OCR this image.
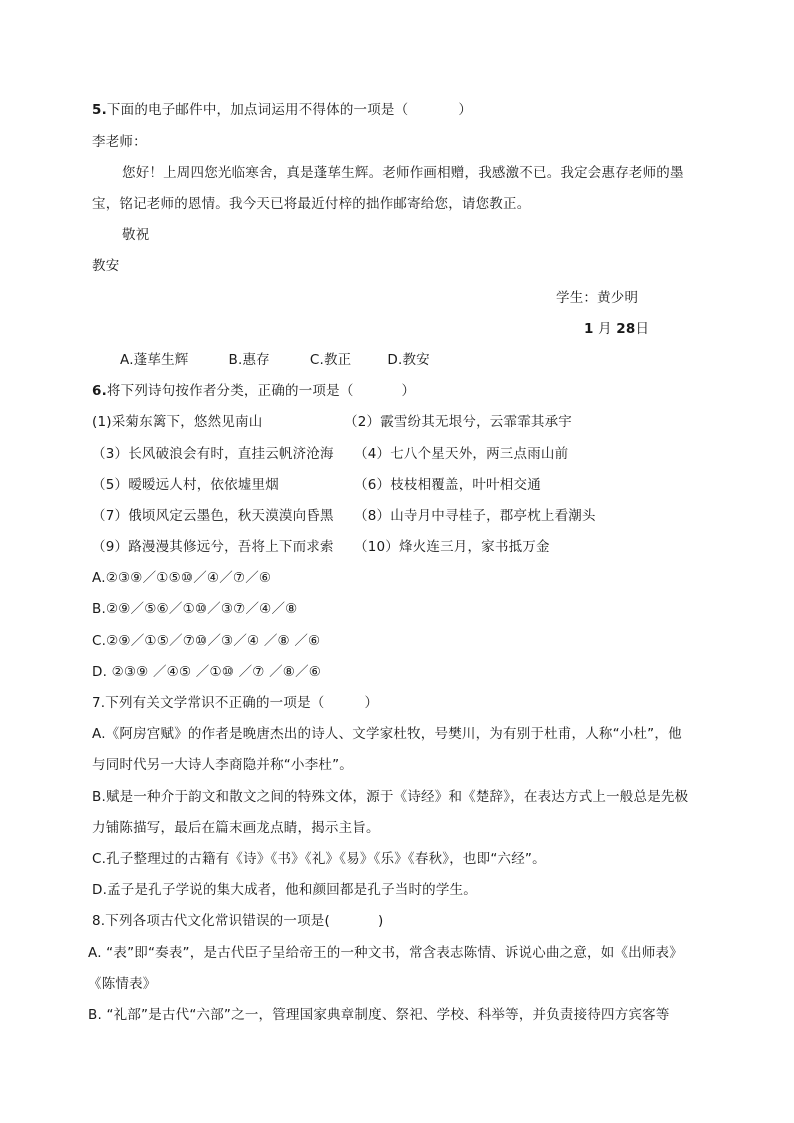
5.下面的电子邮件中，加点词运用不得体的一项是（	）
李老师：
您好！上周四您光临寒舍，真是蓬荜生辉。老师作画相赠，我感激不已。我定会惠存老师的墨
宝，铭记老师的恩情。我今天已将最近付梓的拙作邮寄给您，请您教正。
敬祝
教安
学生：黄少明
1 月 28日
A.蓬荜生辉	B.惠存	C.教正	D.教安
6.将下列诗句按作者分类，正确的一项是（	）
(1)采菊东篱下，悠然见南山	（2）霰雪纷其无垠兮，云霏霏其承宇
（3）长风破浪会有时，直挂云帆济沧海 （4）七八个星天外，两三点雨山前
（5）暧暧远人村，依依墟里烟	（6）枝枝相覆盖，叶叶相交通
（7）俄顷风定云墨色，秋天漠漠向昏黑 （8）山寺月中寻桂子，郡亭枕上看潮头
（9）路漫漫其修远兮，吾将上下而求索 （10）烽火连三月，家书抵万金
A.②③⑨／①⑤⑩／④／⑦／⑥
B.②⑨／⑤⑥／①⑩／③⑦／④／⑧
C.②⑨／①⑤／⑦⑩／③／④ ／⑧ ／⑥
D. ②③⑨ ／④⑤ ／①⑩ ／⑦ ／⑧／⑥
7.下列有关文学常识不正确的一项是（	）
A.《阿房宫赋》的作者是晚唐杰出的诗人、文学家杜牧，号樊川，为有别于杜甫，人称“小杜”，他
与同时代另一大诗人李商隐并称“小李杜”。
B.赋是一种介于韵文和散文之间的特殊文体，源于《诗经》和《楚辞》，在表达方式上一般总是先极
力铺陈描写，最后在篇末画龙点睛，揭示主旨。
C.孔子整理过的古籍有《诗》《书》《礼》《易》《乐》《春秋》，也即“六经”。
D.孟子是孔子学说的集大成者，他和颜回都是孔子当时的学生。
8.下列各项古代文化常识错误的一项是(	)
A. “表”即“奏表”，是古代臣子呈给帝王的一种文书，常含表志陈情、诉说心曲之意，如《出师表》
《陈情表》
B. “礼部”是古代“六部”之一，管理国家典章制度、祭祀、学校、科举等，并负责接待四方宾客等
